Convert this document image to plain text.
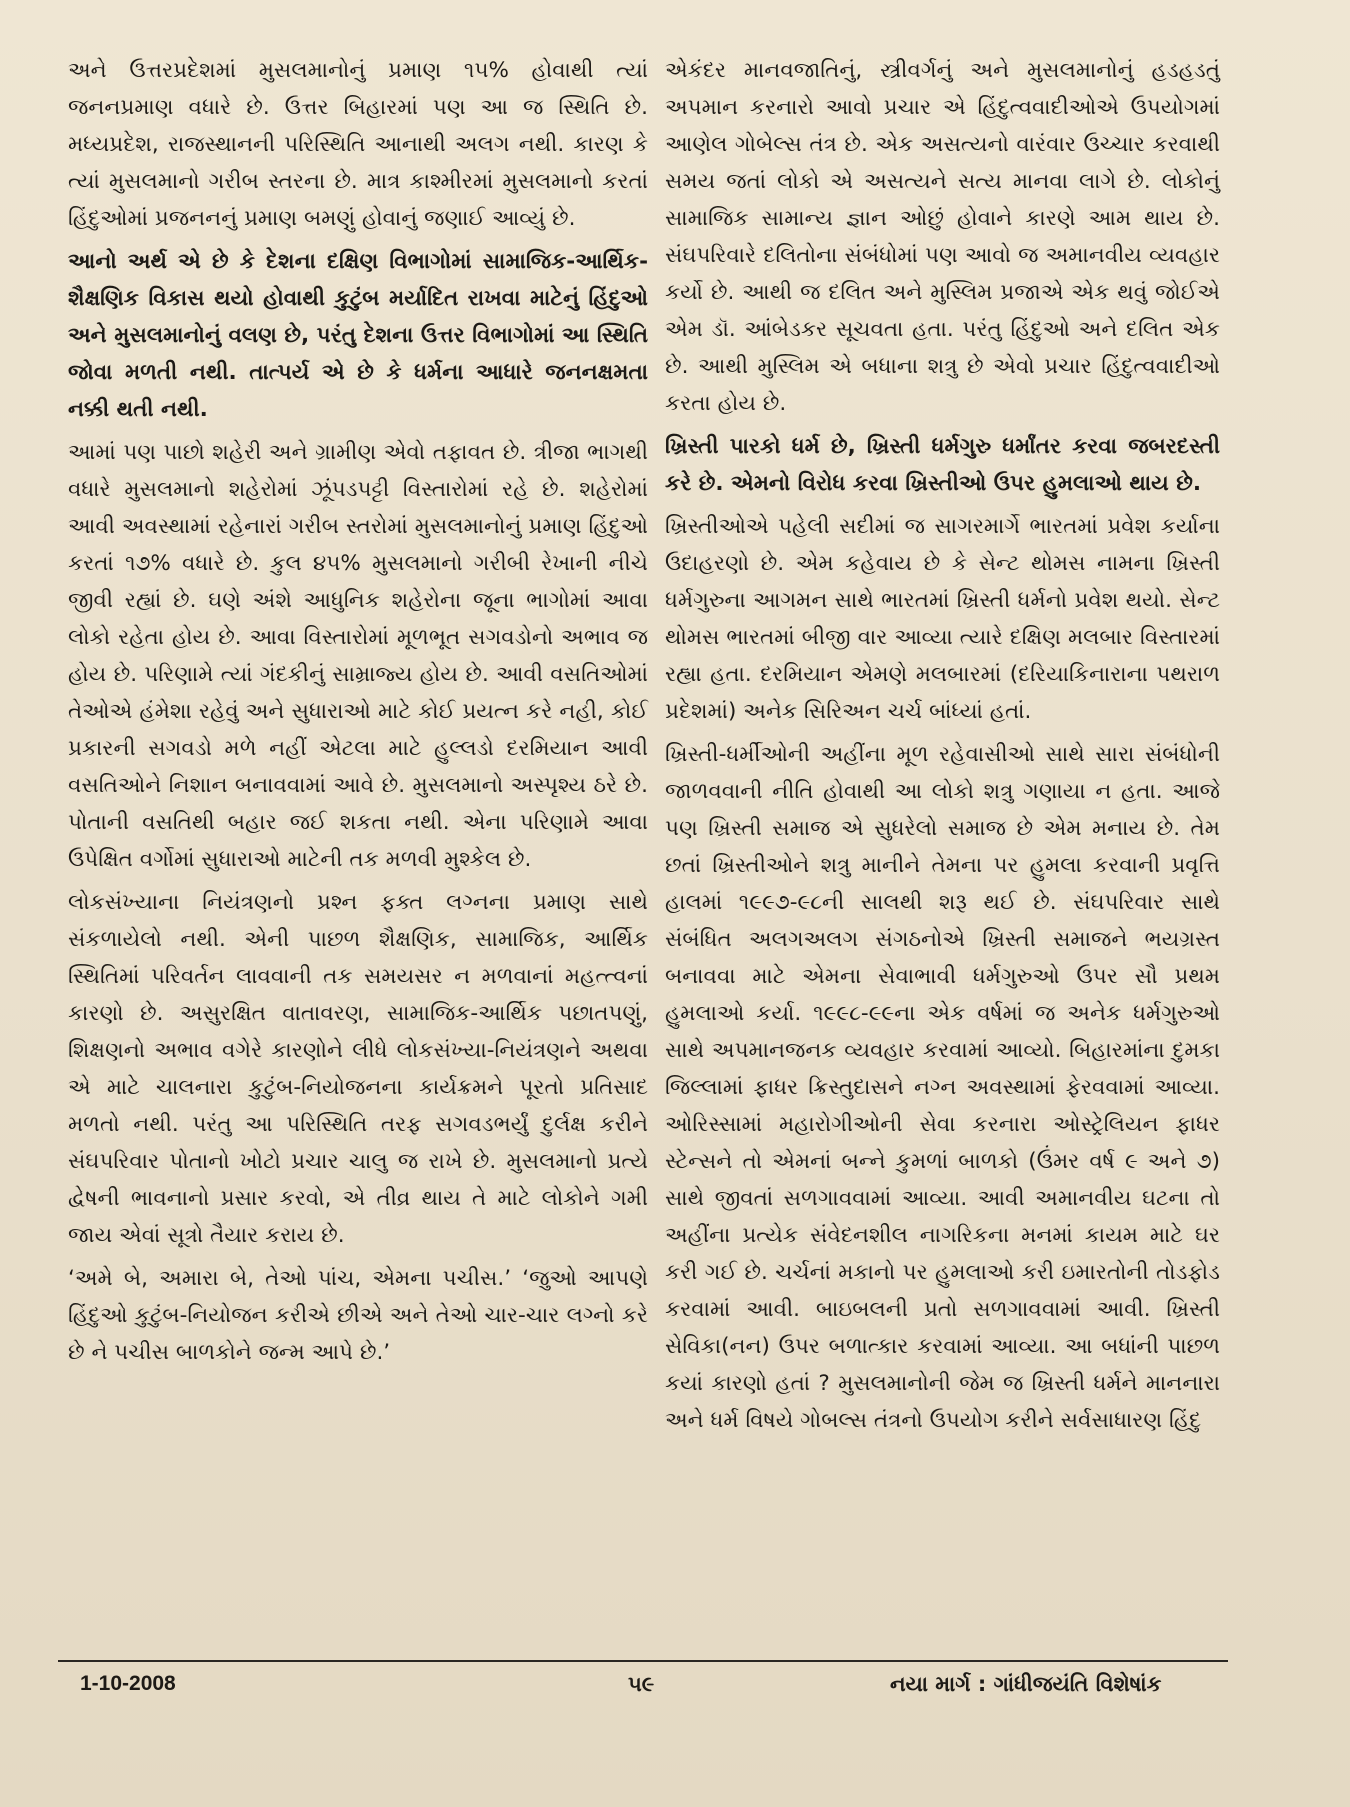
અને ઉત્તરપ્રદેશમાં મુસલમાનોનું પ્રમાણ ૧૫% હોવાથી ત્યાં જનનપ્રમાણ વધારે છે. ઉત્તર બિહારમાં પણ આ જ સ્થિતિ છે. મધ્યપ્રદેશ, રાજસ્થાનની પરિસ્થિતિ આનાથી અલગ નથી. કારણ કે ત્યાં મુસલમાનો ગરીબ સ્તરના છે. માત્ર કાશ્મીરમાં મુસલમાનો કરતાં હિંદુઓમાં પ્રજનનનું પ્રમાણ બમણું હોવાનું જણાઈ આવ્યું છે.

આનો અર્થ એ છે કે દેશના દક્ષિણ વિભાગોમાં સામાજિક-આર્થિક-શૈક્ષણિક વિકાસ થયો હોવાથી કુટુંબ મર્યાદિત રાખવા માટેનું હિંદુઓ અને મુસલમાનોનું વલણ છે, પરંતુ દેશના ઉત્તર વિભાગોમાં આ સ્થિતિ જોવા મળતી નથી. તાત્પર્ય એ છે કે ધર્મના આધારે જનનક્ષમતા નક્કી થતી નથી.

આમાં પણ પાછો શહેરી અને ગ્રામીણ એવો તફાવત છે. ત્રીજા ભાગથી વધારે મુસલમાનો શહેરોમાં ઝૂંપડપટ્ટી વિસ્તારોમાં રહે છે. શહેરોમાં આવી અવસ્થામાં રહેનારાં ગરીબ સ્તરોમાં મુસલમાનોનું પ્રમાણ હિંદુઓ કરતાં ૧૭% વધારે છે. કુલ ૪૫% મુસલમાનો ગરીબી રેખાની નીચે જીવી રહ્યાં છે. ઘણે અંશે આધુનિક શહેરોના જૂના ભાગોમાં આવા લોકો રહેતા હોય છે. આવા વિસ્તારોમાં મૂળભૂત સગવડોનો અભાવ જ હોય છે. પરિણામે ત્યાં ગંદકીનું સામ્રાજ્ય હોય છે. આવી વસતિઓમાં તેઓએ હંમેશા રહેવું અને સુધારાઓ માટે કોઈ પ્રયત્ન કરે નહી, કોઈ પ્રકારની સગવડો મળે નહીં એટલા માટે હુલ્લડો દરમિયાન આવી વસતિઓને નિશાન બનાવવામાં આવે છે. મુસલમાનો અસ્પૃશ્ય ઠરે છે. પોતાની વસતિથી બહાર જઈ શકતા નથી. એના પરિણામે આવા ઉપેક્ષિત વર્ગોમાં સુધારાઓ માટેની તક મળવી મુશ્કેલ છે.

લોકસંખ્યાના નિયંત્રણનો પ્રશ્ન ફક્ત લગ્નના પ્રમાણ સાથે સંકળાયેલો નથી. એની પાછળ શૈક્ષણિક, સામાજિક, આર્થિક સ્થિતિમાં પરિવર્તન લાવવાની તક સમયસર ન મળવાનાં મહત્ત્વનાં કારણો છે. અસુરક્ષિત વાતાવરણ, સામાજિક-આર્થિક પછાતપણું, શિક્ષણનો અભાવ વગેરે કારણોને લીધે લોકસંખ્યા-નિયંત્રણને અથવા એ માટે ચાલનારા કુટુંબ-નિયોજનના કાર્યક્રમને પૂરતો પ્રતિસાદ મળતો નથી. પરંતુ આ પરિસ્થિતિ તરફ સગવડભર્યું દુર્લક્ષ કરીને સંઘપરિવાર પોતાનો ખોટો પ્રચાર ચાલુ જ રાખે છે. મુસલમાનો પ્રત્યે દ્વેષની ભાવનાનો પ્રસાર કરવો, એ તીવ્ર થાય તે માટે લોકોને ગમી જાય એવાં સૂત્રો તૈયાર કરાય છે.

‘અમે બે, અમારા બે, તેઓ પાંચ, એમના પચીસ.’ ‘જુઓ આપણે હિંદુઓ કુટુંબ-નિયોજન કરીએ છીએ અને તેઓ ચાર-ચાર લગ્નો કરે છે ને પચીસ બાળકોને જન્મ આપે છે.’

એકંદર માનવજાતિનું, સ્ત્રીવર્ગનું અને મુસલમાનોનું હડહડતું અપમાન કરનારો આવો પ્રચાર એ હિંદુત્વવાદીઓએ ઉપયોગમાં આણેલ ગોબેલ્સ તંત્ર છે. એક અસત્યનો વારંવાર ઉચ્ચાર કરવાથી સમય જતાં લોકો એ અસત્યને સત્ય માનવા લાગે છે. લોકોનું સામાજિક સામાન્ય જ્ઞાન ઓછું હોવાને કારણે આમ થાય છે. સંઘપરિવારે દલિતોના સંબંધોમાં પણ આવો જ અમાનવીય વ્યવહાર કર્યો છે. આથી જ દલિત અને મુસ્લિમ પ્રજાએ એક થવું જોઈએ એમ ડૉ. આંબેડકર સૂચવતા હતા. પરંતુ હિંદુઓ અને દલિત એક છે. આથી મુસ્લિમ એ બધાના શત્રુ છે એવો પ્રચાર હિંદુત્વવાદીઓ કરતા હોય છે.

ખ્રિસ્તી પારકો ધર્મ છે, ખ્રિસ્તી ધર્મગુરુ ધર્માંતર કરવા જબરદસ્તી કરે છે. એમનો વિરોધ કરવા ખ્રિસ્તીઓ ઉપર હુમલાઓ થાય છે.

ખ્રિસ્તીઓએ પહેલી સદીમાં જ સાગરમાર્ગે ભારતમાં પ્રવેશ કર્યાના ઉદાહરણો છે. એમ કહેવાય છે કે સેન્ટ થોમસ નામના ખ્રિસ્તી ધર્મગુરુના આગમન સાથે ભારતમાં ખ્રિસ્તી ધર્મનો પ્રવેશ થયો. સેન્ટ થોમસ ભારતમાં બીજી વાર આવ્યા ત્યારે દક્ષિણ મલબાર વિસ્તારમાં રહ્યા હતા. દરમિયાન એમણે મલબારમાં (દરિયાકિનારાના પથરાળ પ્રદેશમાં) અનેક સિરિઅન ચર્ચ બાંધ્યાં હતાં.

ખ્રિસ્તી-ધર્મીઓની અહીંના મૂળ રહેવાસીઓ સાથે સારા સંબંધોની જાળવવાની નીતિ હોવાથી આ લોકો શત્રુ ગણાયા ન હતા. આજે પણ ખ્રિસ્તી સમાજ એ સુધરેલો સમાજ છે એમ મનાય છે. તેમ છતાં ખ્રિસ્તીઓને શત્રુ માનીને તેમના પર હુમલા કરવાની પ્રવૃત્તિ હાલમાં ૧૯૯૭-૯૮ની સાલથી શરૂ થઈ છે. સંઘપરિવાર સાથે સંબંધિત અલગઅલગ સંગઠનોએ ખ્રિસ્તી સમાજને ભયગ્રસ્ત બનાવવા માટે એમના સેવાભાવી ધર્મગુરુઓ ઉપર સૌ પ્રથમ હુમલાઓ કર્યા. ૧૯૯૮-૯૯ના એક વર્ષમાં જ અનેક ધર્મગુરુઓ સાથે અપમાનજનક વ્યવહાર કરવામાં આવ્યો. બિહારમાંના દુમકા જિલ્લામાં ફાધર ક્રિસ્તુદાસને નગ્ન અવસ્થામાં ફેરવવામાં આવ્યા. ઓરિસ્સામાં મહારોગીઓની સેવા કરનારા ઓસ્ટ્રેલિયન ફાધર સ્ટેન્સને તો એમનાં બન્ને કુમળાં બાળકો (ઉંમર વર્ષ ૯ અને ૭) સાથે જીવતાં સળગાવવામાં આવ્યા. આવી અમાનવીય ઘટના તો અહીંના પ્રત્યેક સંવેદનશીલ નાગરિકના મનમાં કાયમ માટે ઘર કરી ગઈ છે. ચર્ચનાં મકાનો પર હુમલાઓ કરી ઇમારતોની તોડફોડ કરવામાં આવી. બાઇબલની પ્રતો સળગાવવામાં આવી. ખ્રિસ્તી સેવિકા(નન) ઉપર બળાત્કાર કરવામાં આવ્યા. આ બધાંની પાછળ કયાં કારણો હતાં ? મુસલમાનોની જેમ જ ખ્રિસ્તી ધર્મને માનનારા અને ધર્મ વિષયે ગોબલ્સ તંત્રનો ઉપયોગ કરીને સર્વસાધારણ હિંદુ

1-10-2008	૫૯	નયા માર્ગ : ગાંધીજયંતિ વિશેષાંક
